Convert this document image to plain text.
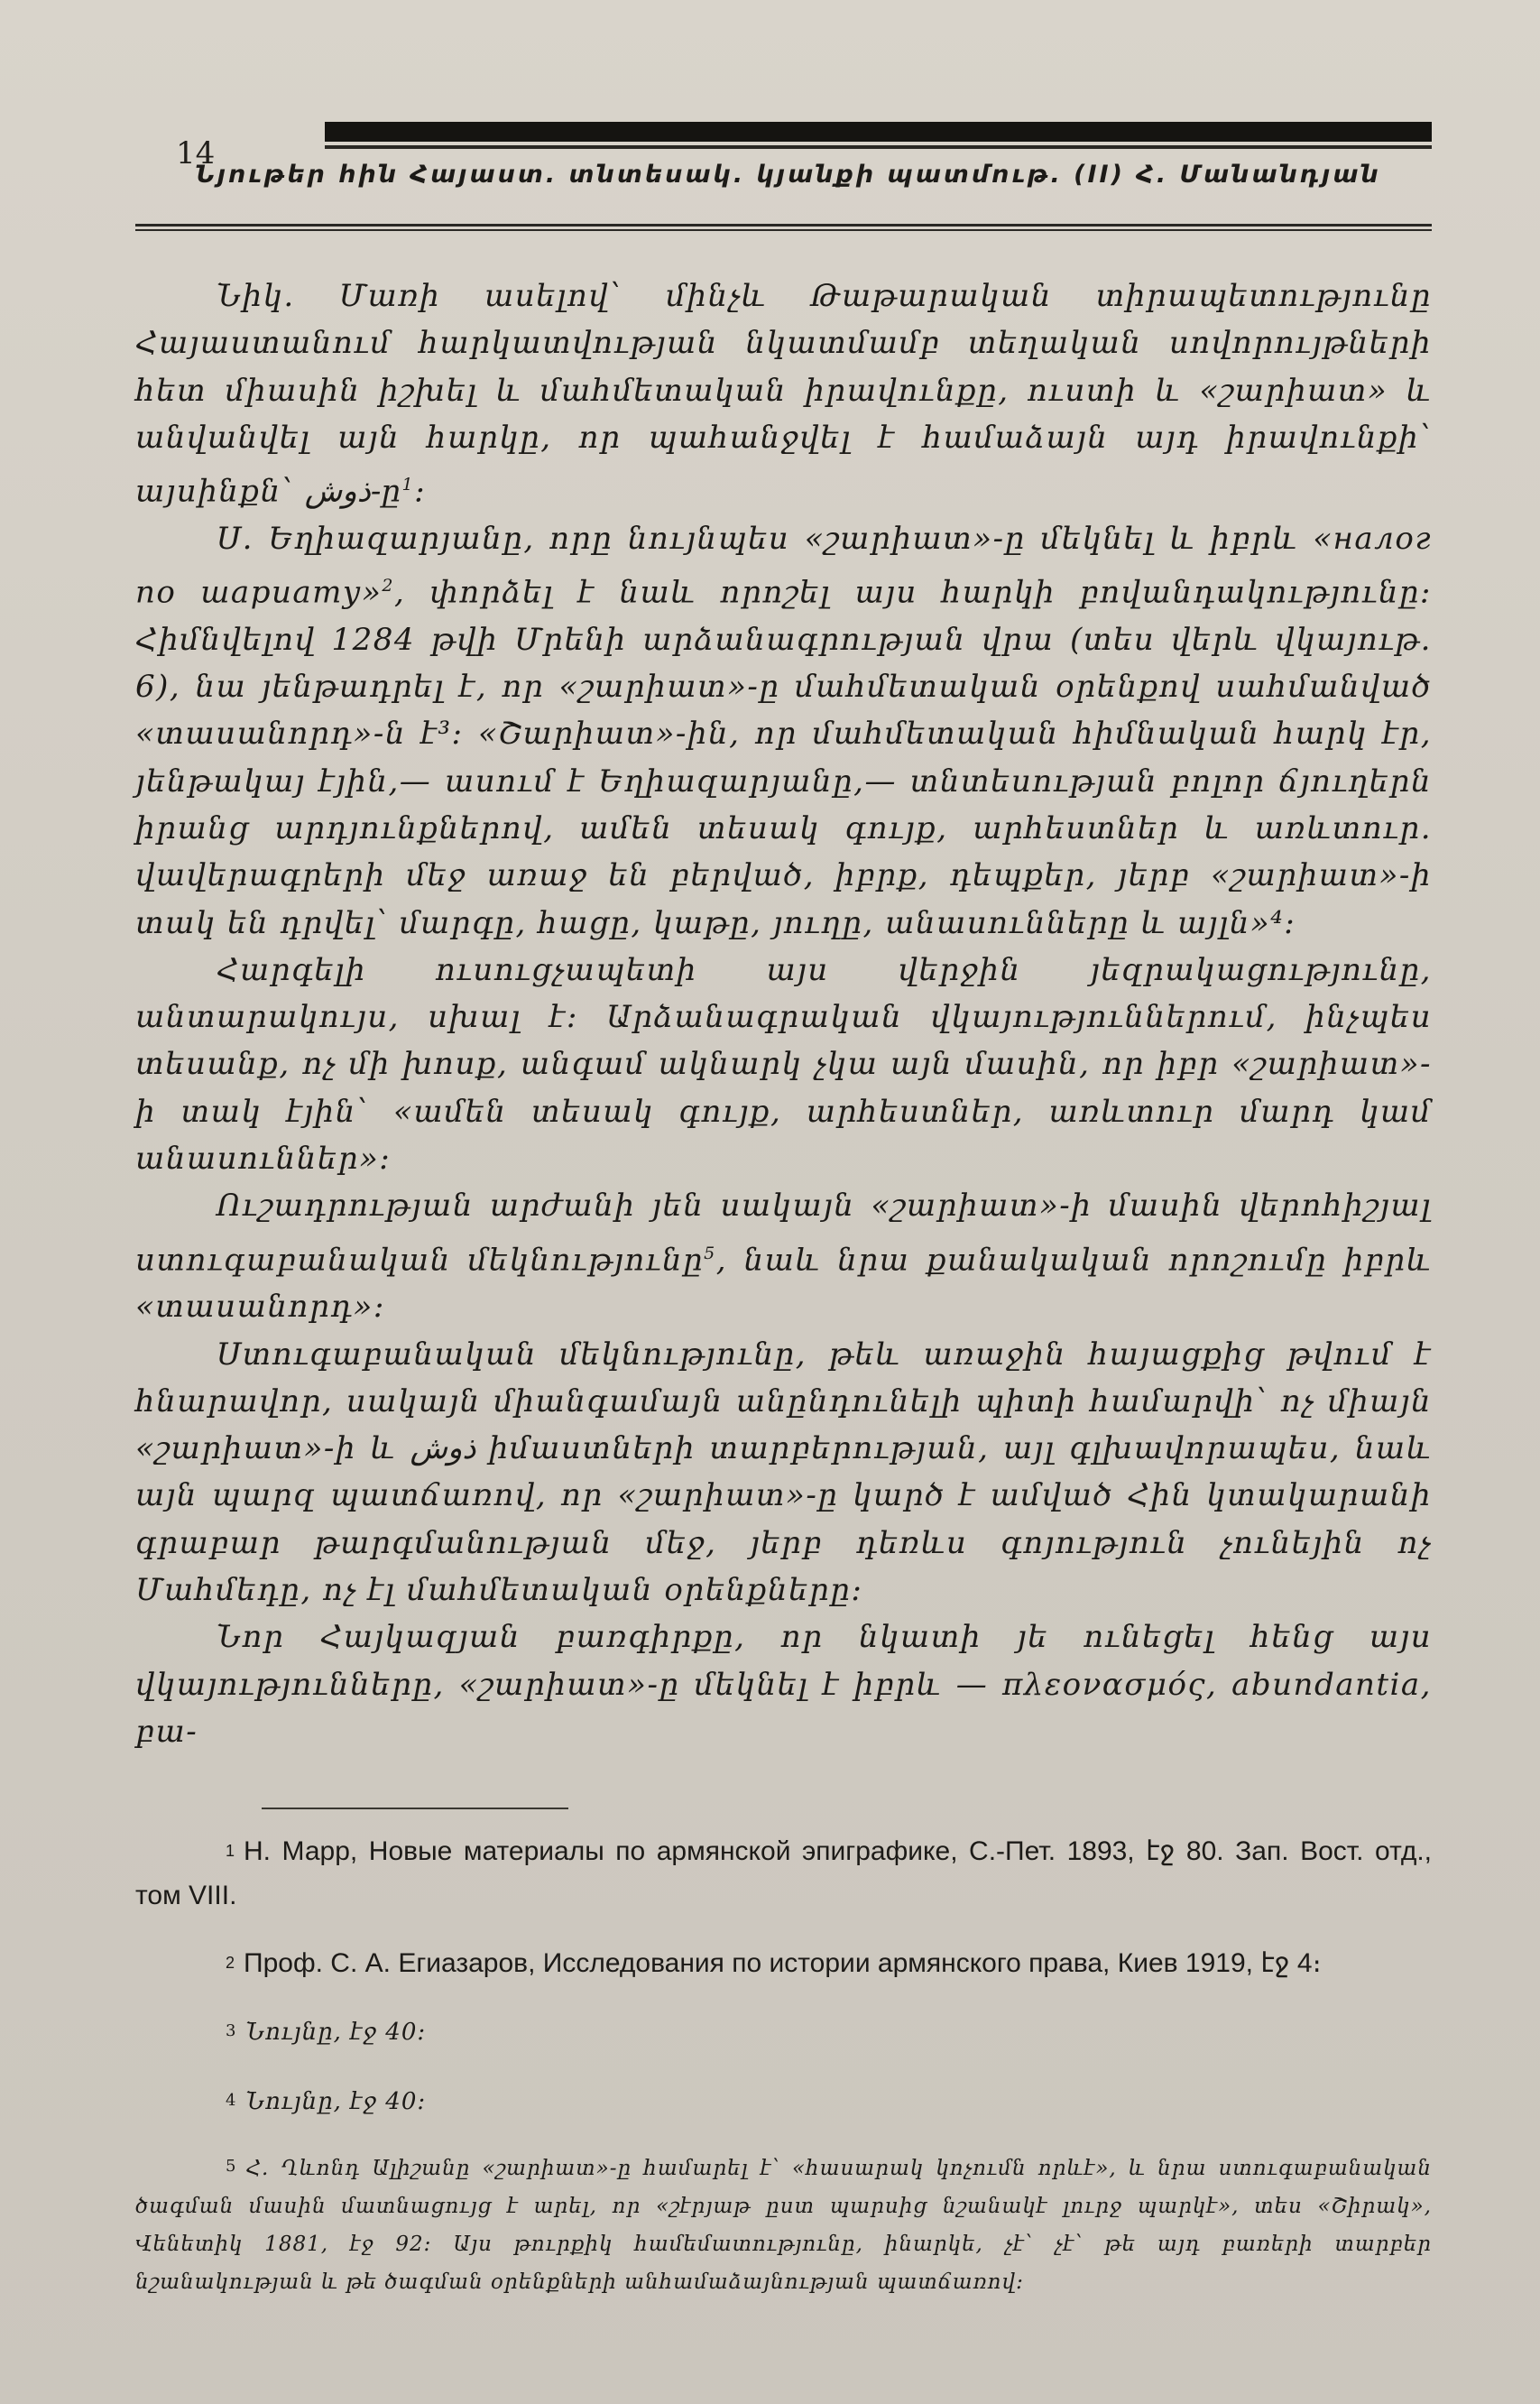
14
Նյութեր հին Հայաստ. տնտեսակ. կյանքի պատմութ. (II) Հ. Մանանդյան

Նիկ. Մառի ասելով՝ մինչև Թաթարական տիրապետությունը Հայաստանում հարկատվության նկատմամբ տեղական սովորույթների հետ միասին իշխել և մահմետական իրավունքը, ուստի և «շարիատ» և անվանվել այն հարկը, որ պահանջվել է համաձայն այդ իրավունքի՝ այսինքն՝ ذوش-ը$^1$։

Ս. Եղիազարյանը, որը նույնպես «շարիատ»-ը մեկնել և իբրև «налог по шариату»$^2$, փորձել է նաև որոշել այս հարկի բովանդակությունը։ Հիմնվելով 1284 թվի Մրենի արձանագրության վրա (տես վերև վկայութ. 6), նա յենթադրել է, որ «շարիատ»-ը մահմետական օրենքով սահմանված «տասանորդ»-ն է³։ «Շարիատ»-ին, որ մահմետական հիմնական հարկ էր, յենթակայ էյին,— ասում է Եղիազարյանը,— տնտեսության բոլոր ճյուղերն իրանց արդյունքներով, ամեն տեսակ գույք, արհեստներ և առևտուր. վավերագրերի մեջ առաջ են բերված, իբրք, դեպքեր, յերբ «շարիատ»-ի տակ են դրվել՝ մարգը, հացը, կաթը, յուղը, անասունները և այլն»⁴։

Հարգելի ուսուցչապետի այս վերջին յեզրակացությունը, անտարակույս, սխալ է։ Արձանագրական վկայություններում, ինչպես տեսանք, ոչ մի խոսք, անգամ ակնարկ չկա այն մասին, որ իբր «շարիատ»-ի տակ էյին՝ «ամեն տեսակ գույք, արհեստներ, առևտուր մարդ կամ անասուններ»։

Ուշադրության արժանի յեն սակայն «շարիատ»-ի մասին վերոհիշյալ ստուգաբանական մեկնությունը$^5$, նաև նրա քանակական որոշումը իբրև «տասանորդ»։

Ստուգաբանական մեկնությունը, թեև առաջին հայացքից թվում է հնարավոր, սակայն միանգամայն անընդունելի պիտի համարվի՝ ոչ միայն «շարիատ»-ի և ذوش իմաստների տարբերության, այլ գլխավորապես, նաև այն պարզ պատճառով, որ «շարիատ»-ը կարծ է ամված Հին կտակարանի գրաբար թարգմանության մեջ, յերբ դեռևս գոյություն չունեյին ոչ Մահմեդը, ոչ էլ մահմետական օրենքները։

Նոր Հայկազյան բառգիրքը, որ նկատի յե ունեցել հենց այս վկայությունները, «շարիատ»-ը մեկնել է իբրև — πλεονασμός, abundantia, բա-

1 Н. Марр, Новые материалы по армянской эпиграфике, С.-Пет. 1893, էջ 80. Зап. Вост. отд., том VIII.

2 Проф. С. А. Егиазаров, Исследования по истории армянского права, Киев 1919, էջ 4։

3 Նույնը, էջ 40։

4 Նույնը, էջ 40։

5 Հ. Ղևոնդ Ալիշանը «շարիատ»-ը համարել է՝ «հասարակ կոչումն որևէ», և նրա ստուգաբանական ծագման մասին մատնացույց է արել, որ «շէրյաթ ըստ պարսից նշանակէ լուրջ պարկէ», տես «Շիրակ», Վենետիկ 1881, էջ 92։ Այս թուրքիկ համեմատությունը, ինարկե, չէ՝ չէ՝ թե այդ բառերի տարբեր նշանակության և թե ծագման օրենքների անհամաձայնության պատճառով։
